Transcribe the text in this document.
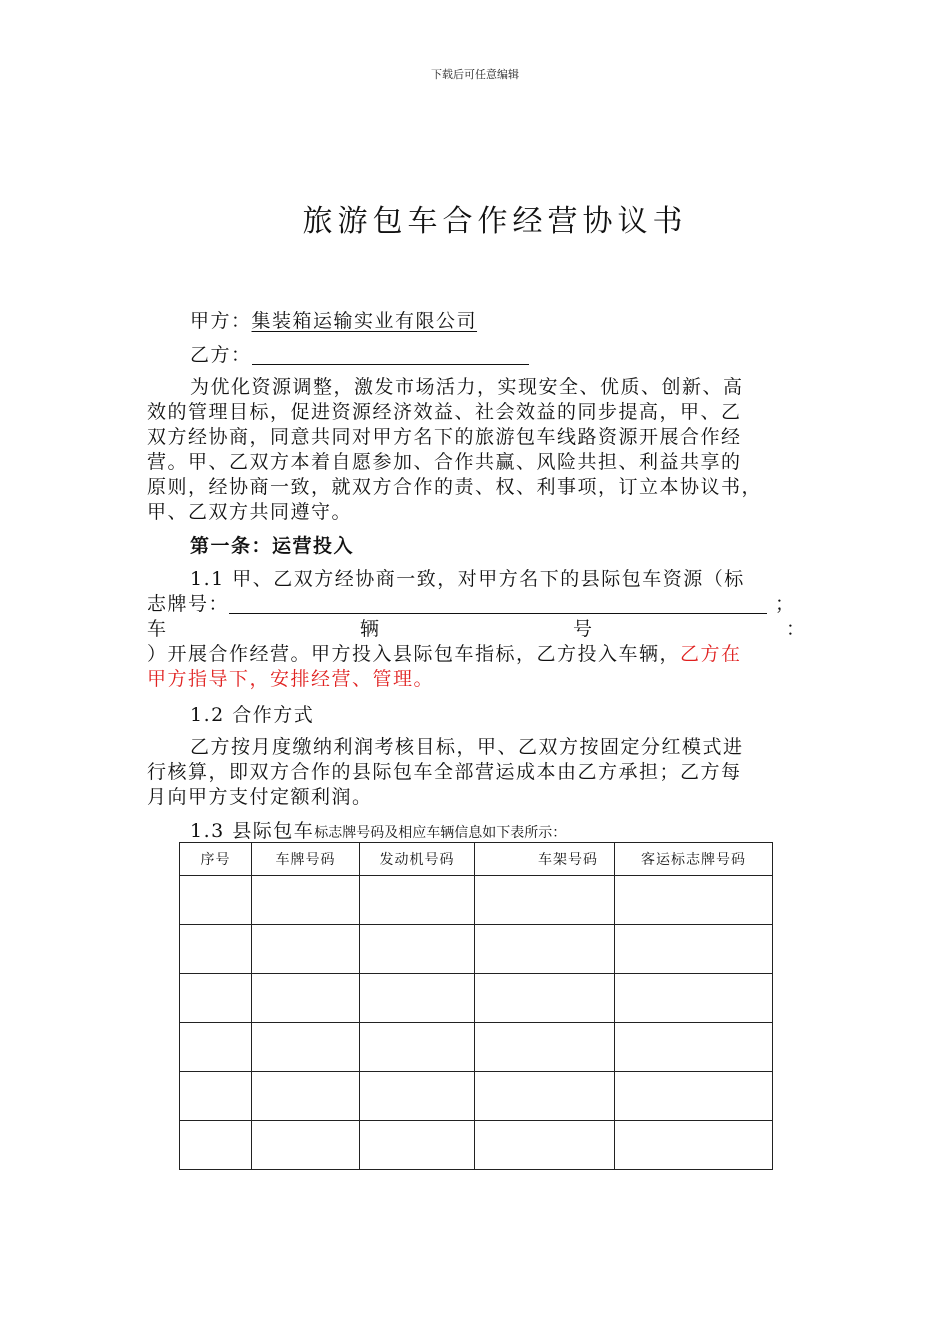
下载后可任意编辑
旅游包车合作经营协议书
甲方：集装箱运输实业有限公司
乙方：
为优化资源调整，激发市场活力，实现安全、优质、创新、高
效的管理目标，促进资源经济效益、社会效益的同步提高，甲、乙
双方经协商，同意共同对甲方名下的旅游包车线路资源开展合作经
营。甲、乙双方本着自愿参加、合作共赢、风险共担、利益共享的
原则，经协商一致，就双方合作的责、权、利事项，订立本协议书，
甲、乙双方共同遵守。
第一条：运营投入
1.1 甲、乙双方经协商一致，对甲方名下的县际包车资源（标
志牌号：	；
车	辆	号	：
）开展合作经营。甲方投入县际包车指标，乙方投入车辆，乙方在
甲方指导下，安排经营、管理。
1.2 合作方式
乙方按月度缴纳利润考核目标，甲、乙双方按固定分红模式进
行核算，即双方合作的县际包车全部营运成本由乙方承担；乙方每
月向甲方支付定额利润。
1.3 县际包车标志牌号码及相应车辆信息如下表所示：
序号	车牌号码	发动机号码	车架号码	客运标志牌号码
